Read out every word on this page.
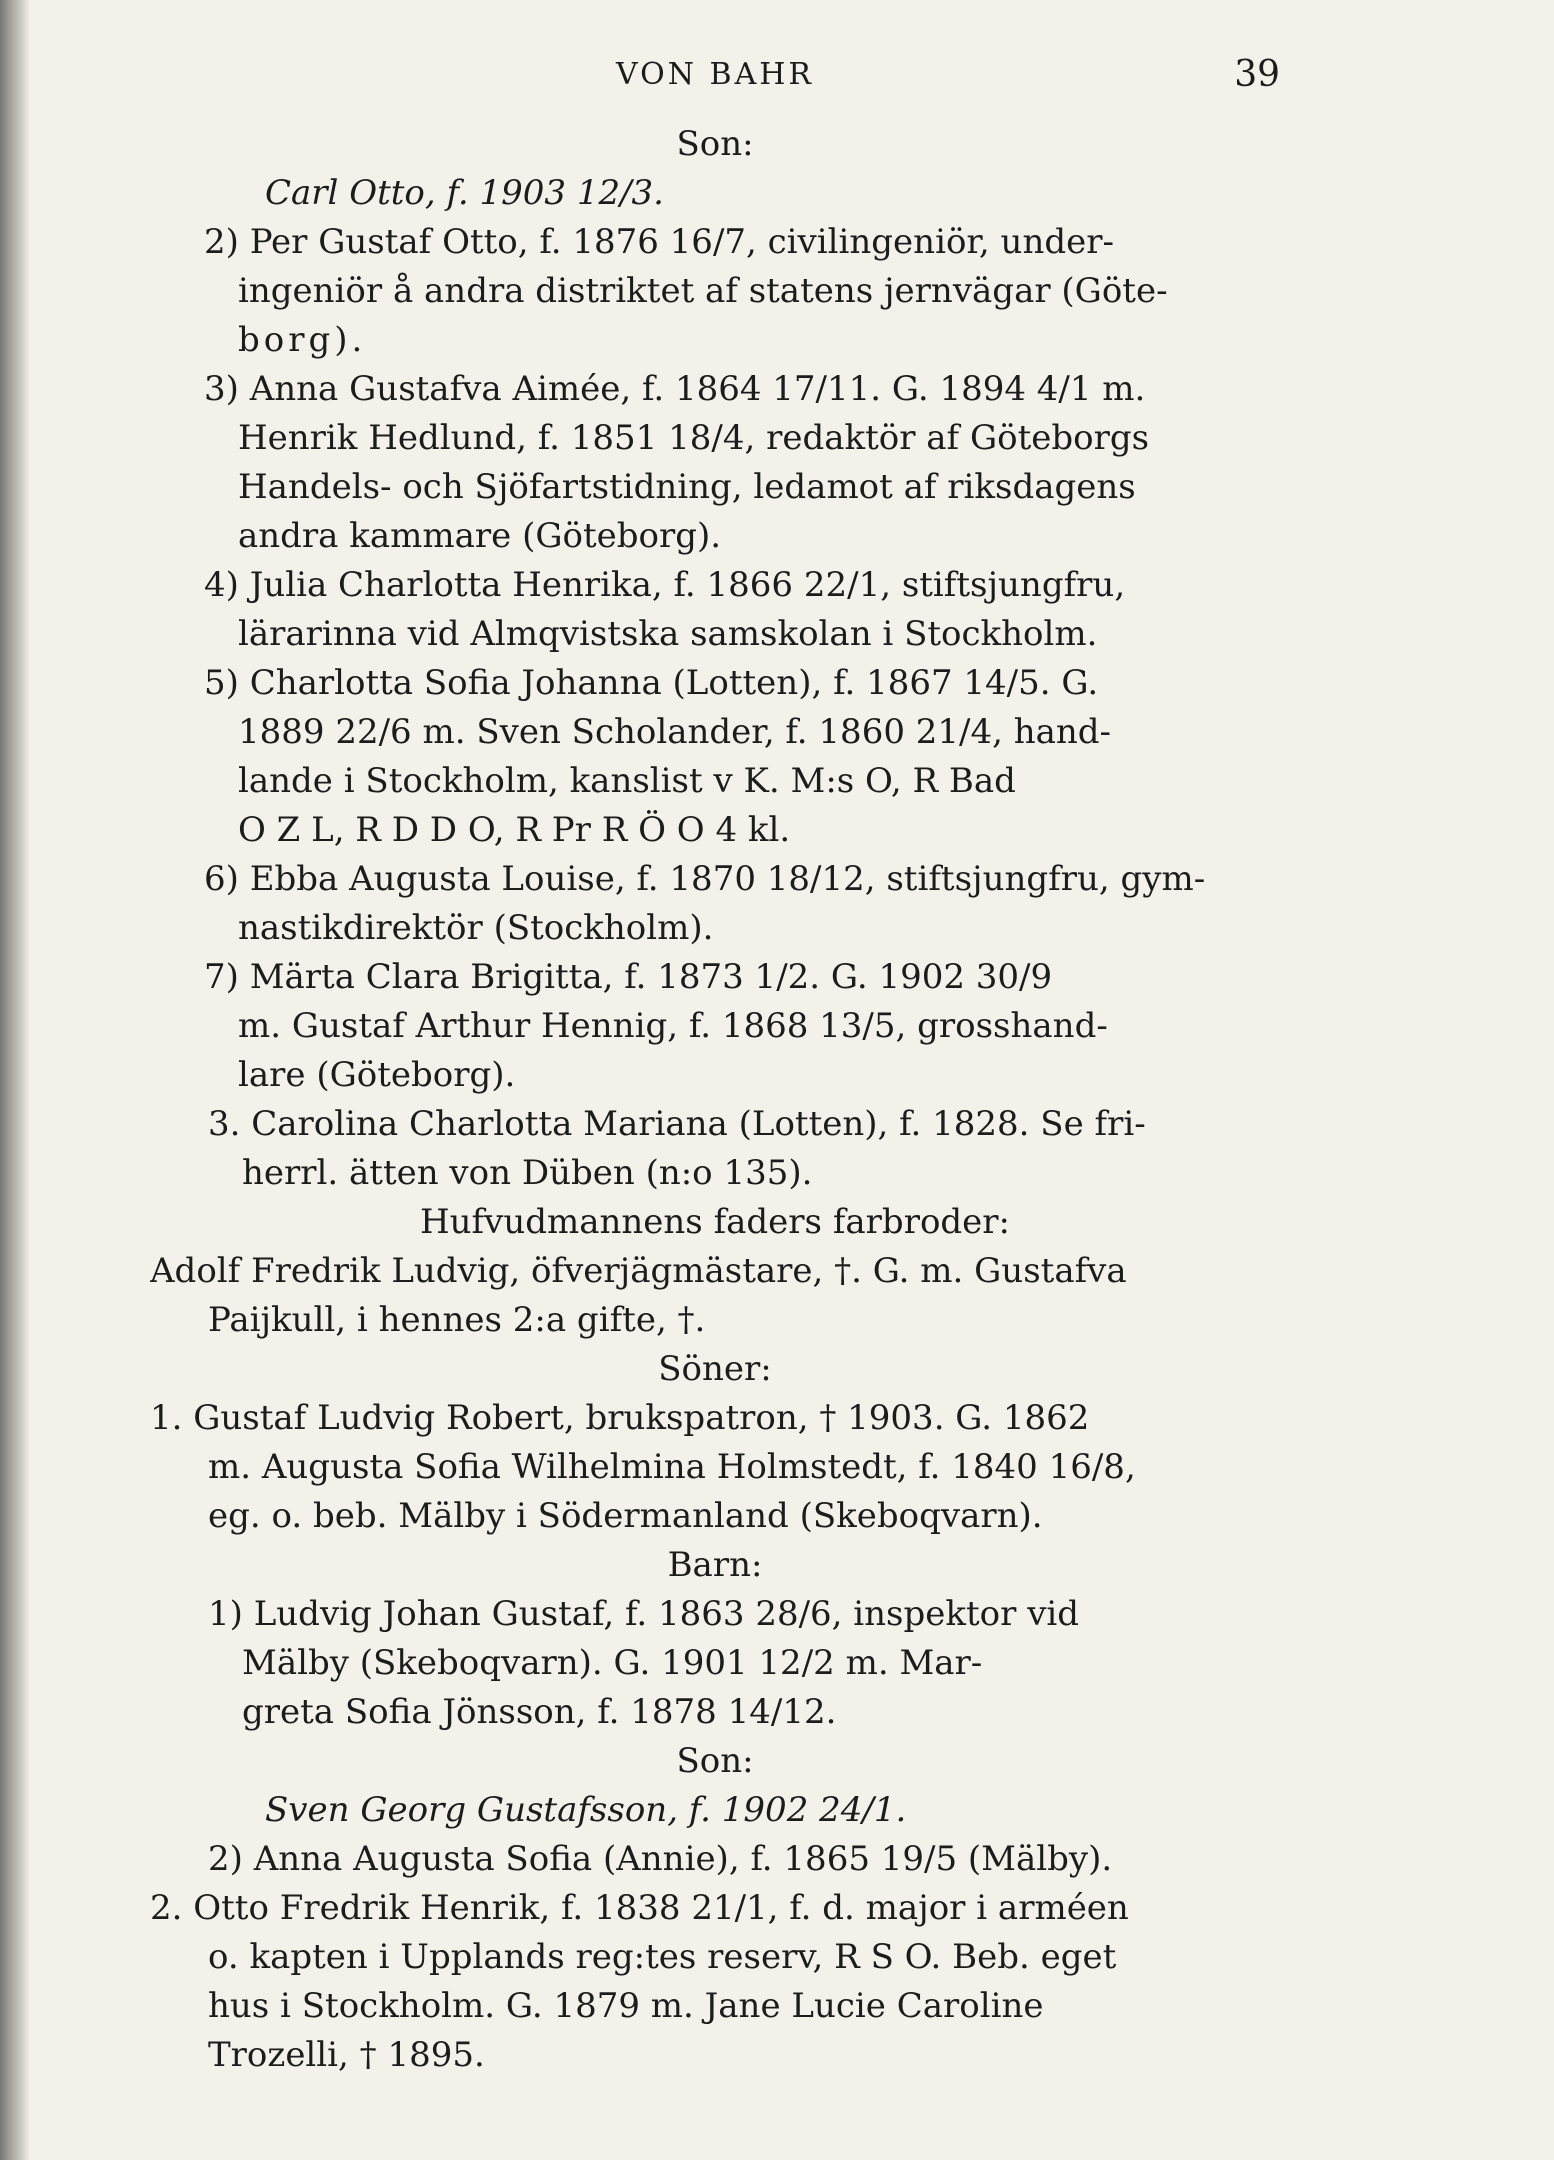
VON BAHR	39
Son:
Carl Otto, f. 1903 12/3.
2) Per Gustaf Otto, f. 1876 16/7, civilingeniör, under-
ingeniör å andra distriktet af statens jernvägar (Göte-
borg).
3) Anna Gustafva Aimée, f. 1864 17/11. G. 1894 4/1 m.
Henrik Hedlund, f. 1851 18/4, redaktör af Göteborgs
Handels- och Sjöfartstidning, ledamot af riksdagens
andra kammare (Göteborg).
4) Julia Charlotta Henrika, f. 1866 22/1, stiftsjungfru,
lärarinna vid Almqvistska samskolan i Stockholm.
5) Charlotta Sofia Johanna (Lotten), f. 1867 14/5. G.
1889 22/6 m. Sven Scholander, f. 1860 21/4, hand-
lande i Stockholm, kanslist v K. M:s O, R Bad
O Z L, R D D O, R Pr R Ö O 4 kl.
6) Ebba Augusta Louise, f. 1870 18/12, stiftsjungfru, gym-
nastikdirektör (Stockholm).
7) Märta Clara Brigitta, f. 1873 1/2. G. 1902 30/9
m. Gustaf Arthur Hennig, f. 1868 13/5, grosshand-
lare (Göteborg).
3. Carolina Charlotta Mariana (Lotten), f. 1828. Se fri-
herrl. ätten von Düben (n:o 135).
Hufvudmannens faders farbroder:
Adolf Fredrik Ludvig, öfverjägmästare, †. G. m. Gustafva
Paijkull, i hennes 2:a gifte, †.
Söner:
1. Gustaf Ludvig Robert, brukspatron, † 1903. G. 1862
m. Augusta Sofia Wilhelmina Holmstedt, f. 1840 16/8,
eg. o. beb. Mälby i Södermanland (Skeboqvarn).
Barn:
1) Ludvig Johan Gustaf, f. 1863 28/6, inspektor vid
Mälby (Skeboqvarn). G. 1901 12/2 m. Mar-
greta Sofia Jönsson, f. 1878 14/12.
Son:
Sven Georg Gustafsson, f. 1902 24/1.
2) Anna Augusta Sofia (Annie), f. 1865 19/5 (Mälby).
2. Otto Fredrik Henrik, f. 1838 21/1, f. d. major i arméen
o. kapten i Upplands reg:tes reserv, R S O. Beb. eget
hus i Stockholm. G. 1879 m. Jane Lucie Caroline
Trozelli, † 1895.
